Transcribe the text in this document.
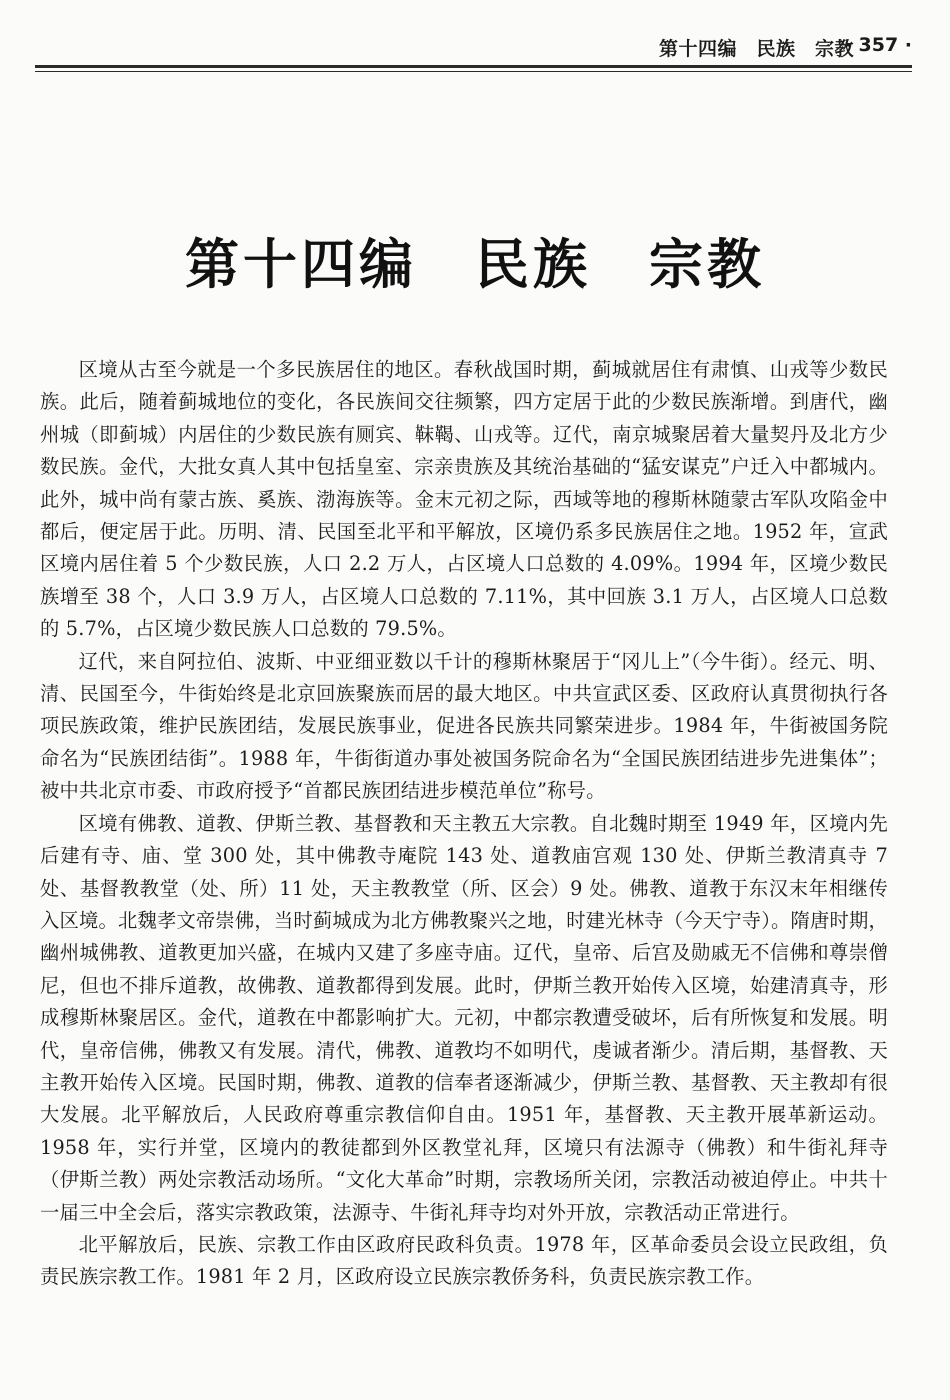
第十四编　民族　宗教
· 357 ·
第十四编　民族　宗教

区境从古至今就是一个多民族居住的地区。春秋战国时期，蓟城就居住有肃慎、山戎等少数民族。此后，随着蓟城地位的变化，各民族间交往频繁，四方定居于此的少数民族渐增。到唐代，幽州城（即蓟城）内居住的少数民族有厕宾、靺鞨、山戎等。辽代，南京城聚居着大量契丹及北方少数民族。金代，大批女真人其中包括皇室、宗亲贵族及其统治基础的“猛安谋克”户迁入中都城内。此外，城中尚有蒙古族、奚族、渤海族等。金末元初之际，西域等地的穆斯林随蒙古军队攻陷金中都后，便定居于此。历明、清、民国至北平和平解放，区境仍系多民族居住之地。1952 年，宣武区境内居住着 5 个少数民族，人口 2.2 万人，占区境人口总数的 4.09%。1994 年，区境少数民族增至 38 个，人口 3.9 万人，占区境人口总数的 7.11%，其中回族 3.1 万人，占区境人口总数的 5.7%，占区境少数民族人口总数的 79.5%。

辽代，来自阿拉伯、波斯、中亚细亚数以千计的穆斯林聚居于“冈儿上”（今牛街）。经元、明、清、民国至今，牛街始终是北京回族聚族而居的最大地区。中共宣武区委、区政府认真贯彻执行各项民族政策，维护民族团结，发展民族事业，促进各民族共同繁荣进步。1984 年，牛街被国务院命名为“民族团结街”。1988 年，牛街街道办事处被国务院命名为“全国民族团结进步先进集体”；被中共北京市委、市政府授予“首都民族团结进步模范单位”称号。

区境有佛教、道教、伊斯兰教、基督教和天主教五大宗教。自北魏时期至 1949 年，区境内先后建有寺、庙、堂 300 处，其中佛教寺庵院 143 处、道教庙宫观 130 处、伊斯兰教清真寺 7 处、基督教教堂（处、所）11 处，天主教教堂（所、区会）9 处。佛教、道教于东汉末年相继传入区境。北魏孝文帝崇佛，当时蓟城成为北方佛教聚兴之地，时建光林寺（今天宁寺）。隋唐时期，幽州城佛教、道教更加兴盛，在城内又建了多座寺庙。辽代，皇帝、后宫及勋戚无不信佛和尊崇僧尼，但也不排斥道教，故佛教、道教都得到发展。此时，伊斯兰教开始传入区境，始建清真寺，形成穆斯林聚居区。金代，道教在中都影响扩大。元初，中都宗教遭受破坏，后有所恢复和发展。明代，皇帝信佛，佛教又有发展。清代，佛教、道教均不如明代，虔诚者渐少。清后期，基督教、天主教开始传入区境。民国时期，佛教、道教的信奉者逐渐减少，伊斯兰教、基督教、天主教却有很大发展。北平解放后，人民政府尊重宗教信仰自由。1951 年，基督教、天主教开展革新运动。1958 年，实行并堂，区境内的教徒都到外区教堂礼拜，区境只有法源寺（佛教）和牛街礼拜寺（伊斯兰教）两处宗教活动场所。“文化大革命”时期，宗教场所关闭，宗教活动被迫停止。中共十一届三中全会后，落实宗教政策，法源寺、牛街礼拜寺均对外开放，宗教活动正常进行。

北平解放后，民族、宗教工作由区政府民政科负责。1978 年，区革命委员会设立民政组，负责民族宗教工作。1981 年 2 月，区政府设立民族宗教侨务科，负责民族宗教工作。
